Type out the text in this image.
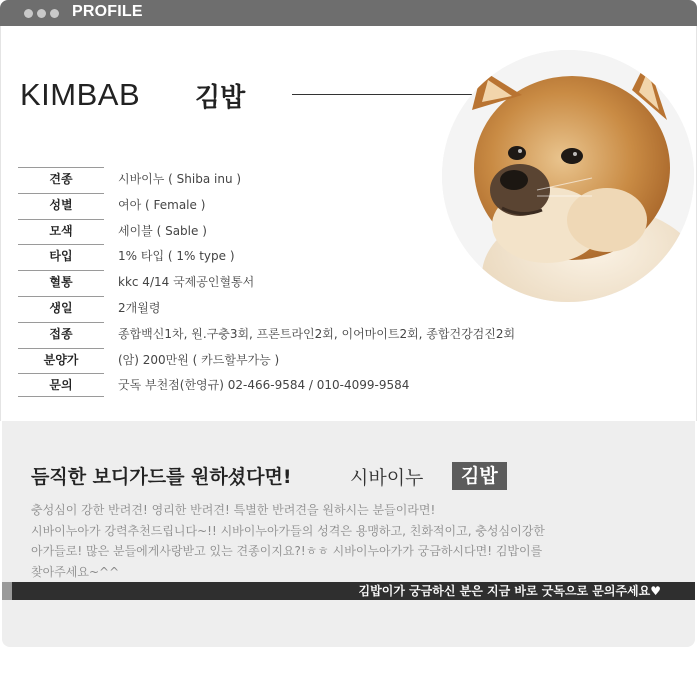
PROFILE
KIMBAB 김밥
견종	시바이누 ( Shiba inu )
성별	여아 ( Female )
모색	세이블 ( Sable )
타입	1% 타입 ( 1% type )
혈통	kkc 4/14 국제공인혈통서
생일	2개월령
접종	종합백신1차, 원.구충3회, 프론트라인2회, 이어마이트2회, 종합건강검진2회
분양가	(암) 200만원 ( 카드할부가능 )
문의	굿독 부천점(한영규) 02-466-9584 / 010-4099-9584
듬직한 보디가드를 원하셨다면!	시바이누	김밥
충성심이 강한 반려견! 영리한 반려견! 특별한 반려견을 원하시는 분들이라면!
시바이누아가 강력추천드립니다~!! 시바이누아가들의 성격은 용맹하고, 친화적이고, 충성심이강한
아가들로! 많은 분들에게사랑받고 있는 견종이지요?!ㅎㅎ 시바이누아가가 궁금하시다면! 김밥이를
찾아주세요~^^
김밥이가 궁금하신 분은 지금 바로 굿독으로 문의주세요♥
